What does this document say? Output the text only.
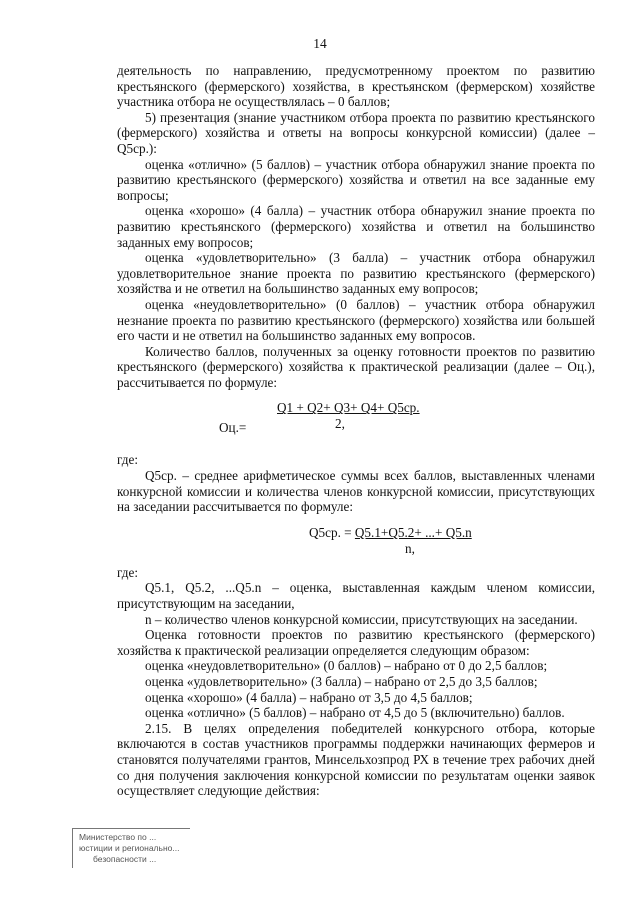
14

деятельность по направлению, предусмотренному проектом по развитию крестьянского (фермерского) хозяйства, в крестьянском (фермерском) хозяйстве участника отбора не осуществлялась – 0 баллов;

5) презентация (знание участником отбора проекта по развитию крестьянского (фермерского) хозяйства и ответы на вопросы конкурсной комиссии) (далее – Q5ср.):

оценка «отлично» (5 баллов) – участник отбора обнаружил знание проекта по развитию крестьянского (фермерского) хозяйства и ответил на все заданные ему вопросы;

оценка «хорошо» (4 балла) – участник отбора обнаружил знание проекта по развитию крестьянского (фермерского) хозяйства и ответил на большинство заданных ему вопросов;

оценка «удовлетворительно» (3 балла) – участник отбора обнаружил удовлетворительное знание проекта по развитию крестьянского (фермерского) хозяйства и не ответил на большинство заданных ему вопросов;

оценка «неудовлетворительно» (0 баллов) – участник отбора обнаружил незнание проекта по развитию крестьянского (фермерского) хозяйства или большей его части и не ответил на большинство заданных ему вопросов.

Количество баллов, полученных за оценку готовности проектов по развитию крестьянского (фермерского) хозяйства к практической реализации (далее – Оц.), рассчитывается по формуле:

Оц.=
Q1 + Q2+ Q3+ Q4+ Q5ср.
2,

где:

Q5ср. – среднее арифметическое суммы всех баллов, выставленных членами конкурсной комиссии и количества членов конкурсной комиссии, присутствующих на заседании рассчитывается по формуле:

Q5ср. = Q5.1+Q5.2+ ...+ Q5.n
n,

где:

Q5.1, Q5.2, ...Q5.n – оценка, выставленная каждым членом комиссии, присутствующим на заседании,

n – количество членов конкурсной комиссии, присутствующих на заседании.

Оценка готовности проектов по развитию крестьянского (фермерского) хозяйства к практической реализации определяется следующим образом:

оценка «неудовлетворительно» (0 баллов) – набрано от 0 до 2,5 баллов;

оценка «удовлетворительно» (3 балла) – набрано от 2,5 до 3,5 баллов;

оценка «хорошо» (4 балла) – набрано от 3,5 до 4,5 баллов;

оценка «отлично» (5 баллов) – набрано от 4,5 до 5 (включительно) баллов.

2.15. В целях определения победителей конкурсного отбора, которые включаются в состав участников программы поддержки начинающих фермеров и становятся получателями грантов, Минсельхозпрод РХ в течение трех рабочих дней со дня получения заключения конкурсной комиссии по результатам оценки заявок осуществляет следующие действия:

Министерство по ...
юстиции и регионально...
безопасности ...
